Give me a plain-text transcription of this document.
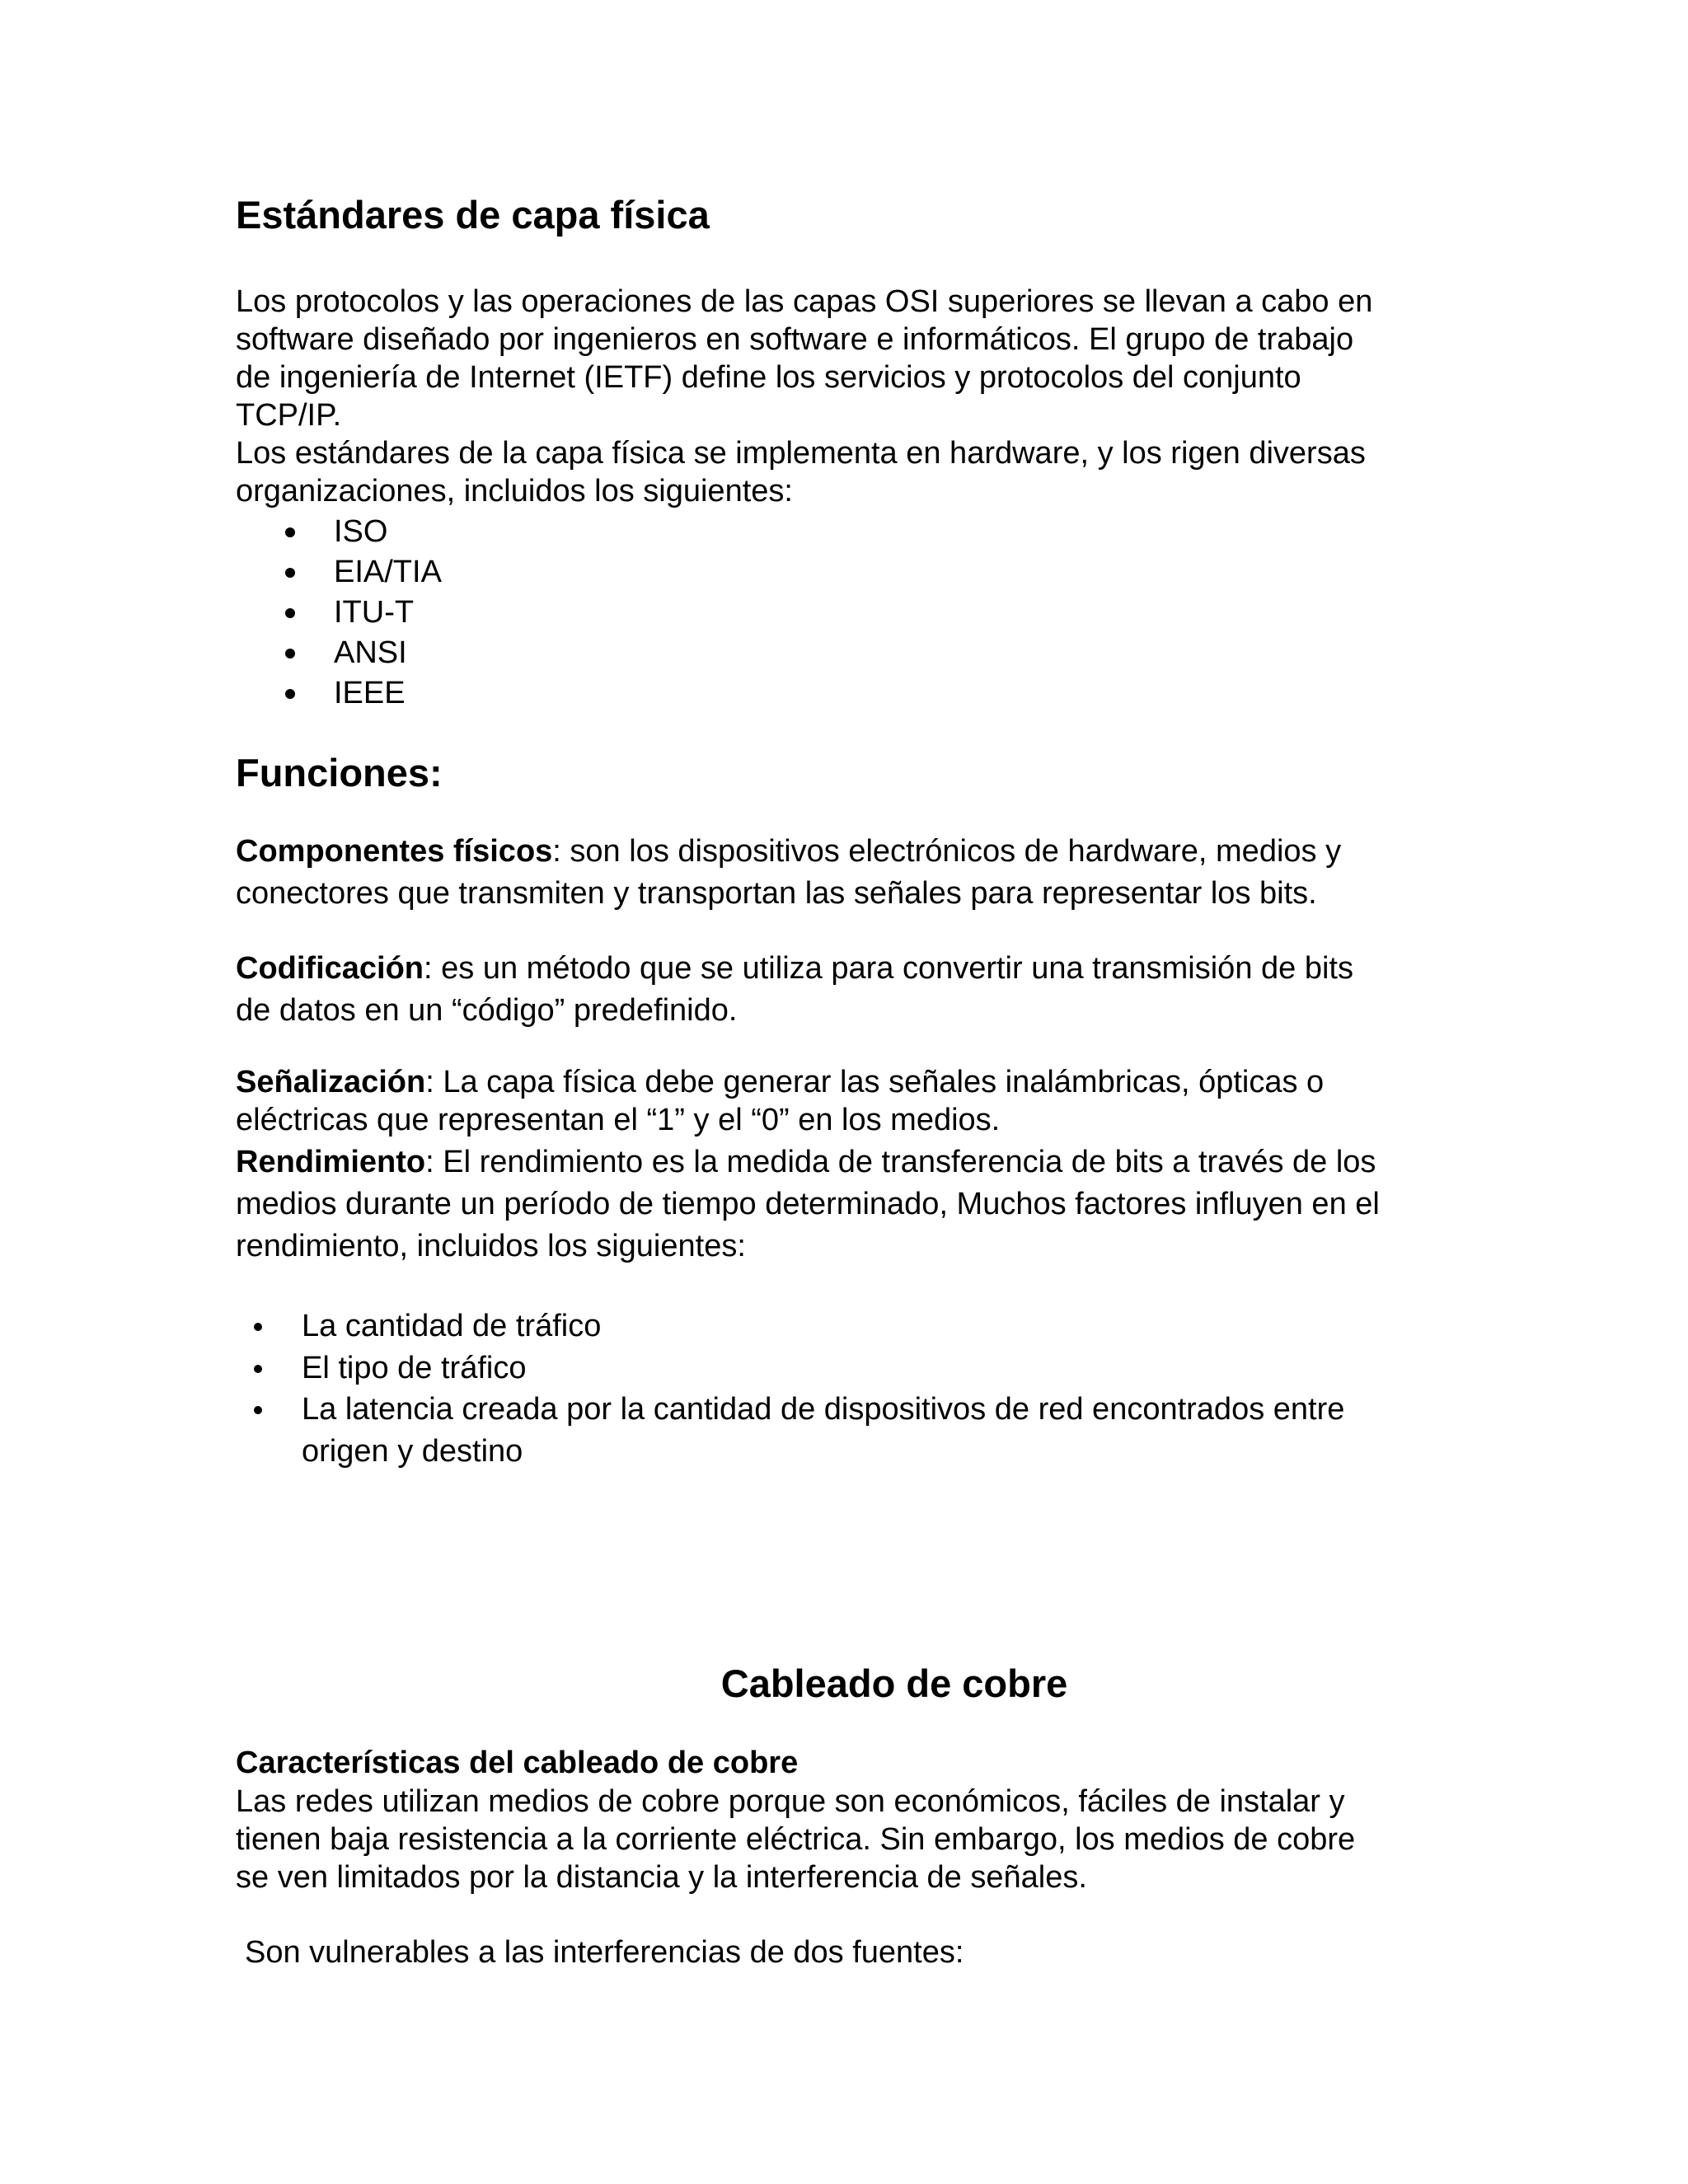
Estándares de capa física
Los protocolos y las operaciones de las capas OSI superiores se llevan a cabo en
software diseñado por ingenieros en software e informáticos. El grupo de trabajo
de ingeniería de Internet (IETF) define los servicios y protocolos del conjunto
TCP/IP.
Los estándares de la capa física se implementa en hardware, y los rigen diversas
organizaciones, incluidos los siguientes:
ISO
EIA/TIA
ITU-T
ANSI
IEEE
Funciones:
Componentes físicos: son los dispositivos electrónicos de hardware, medios y
conectores que transmiten y transportan las señales para representar los bits.
Codificación: es un método que se utiliza para convertir una transmisión de bits
de datos en un “código” predefinido.
Señalización: La capa física debe generar las señales inalámbricas, ópticas o
eléctricas que representan el “1” y el “0” en los medios.
Rendimiento: El rendimiento es la medida de transferencia de bits a través de los
medios durante un período de tiempo determinado, Muchos factores influyen en el
rendimiento, incluidos los siguientes:
La cantidad de tráfico
El tipo de tráfico
La latencia creada por la cantidad de dispositivos de red encontrados entre
origen y destino
Cableado de cobre
Características del cableado de cobre
Las redes utilizan medios de cobre porque son económicos, fáciles de instalar y
tienen baja resistencia a la corriente eléctrica. Sin embargo, los medios de cobre
se ven limitados por la distancia y la interferencia de señales.
Son vulnerables a las interferencias de dos fuentes:
